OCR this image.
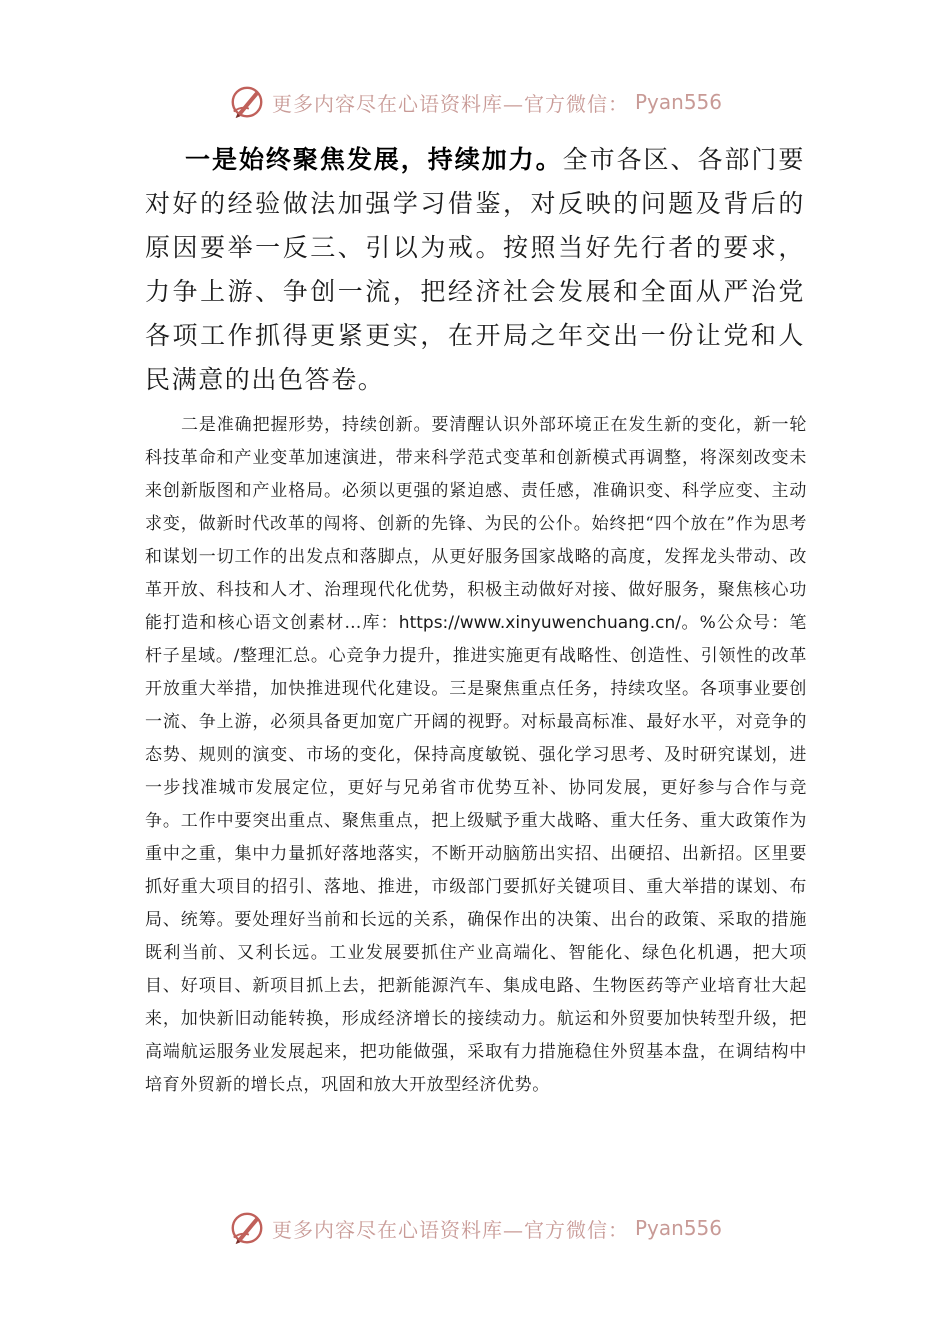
更多内容尽在心语资料库—官方微信： Pyan556

一是始终聚焦发展，持续加力。全市各区、各部门要对好的经验做法加强学习借鉴，对反映的问题及背后的原因要举一反三、引以为戒。按照当好先行者的要求，力争上游、争创一流，把经济社会发展和全面从严治党各项工作抓得更紧更实，在开局之年交出一份让党和人民满意的出色答卷。

二是准确把握形势，持续创新。要清醒认识外部环境正在发生新的变化，新一轮科技革命和产业变革加速演进，带来科学范式变革和创新模式再调整，将深刻改变未来创新版图和产业格局。必须以更强的紧迫感、责任感，准确识变、科学应变、主动求变，做新时代改革的闯将、创新的先锋、为民的公仆。始终把“四个放在”作为思考和谋划一切工作的出发点和落脚点，从更好服务国家战略的高度，发挥龙头带动、改革开放、科技和人才、治理现代化优势，积极主动做好对接、做好服务，聚焦核心功能打造和核心语文创素材…库：https://www.xinyuwenchuang.cn/。%公众号：笔杆子星域。/整理汇总。心竞争力提升，推进实施更有战略性、创造性、引领性的改革开放重大举措，加快推进现代化建设。三是聚焦重点任务，持续攻坚。各项事业要创一流、争上游，必须具备更加宽广开阔的视野。对标最高标准、最好水平，对竞争的态势、规则的演变、市场的变化，保持高度敏锐、强化学习思考、及时研究谋划，进一步找准城市发展定位，更好与兄弟省市优势互补、协同发展，更好参与合作与竞争。工作中要突出重点、聚焦重点，把上级赋予重大战略、重大任务、重大政策作为重中之重，集中力量抓好落地落实，不断开动脑筋出实招、出硬招、出新招。区里要抓好重大项目的招引、落地、推进，市级部门要抓好关键项目、重大举措的谋划、布局、统筹。要处理好当前和长远的关系，确保作出的决策、出台的政策、采取的措施既利当前、又利长远。工业发展要抓住产业高端化、智能化、绿色化机遇，把大项目、好项目、新项目抓上去，把新能源汽车、集成电路、生物医药等产业培育壮大起来，加快新旧动能转换，形成经济增长的接续动力。航运和外贸要加快转型升级，把高端航运服务业发展起来，把功能做强，采取有力措施稳住外贸基本盘，在调结构中培育外贸新的增长点，巩固和放大开放型经济优势。

更多内容尽在心语资料库—官方微信： Pyan556
